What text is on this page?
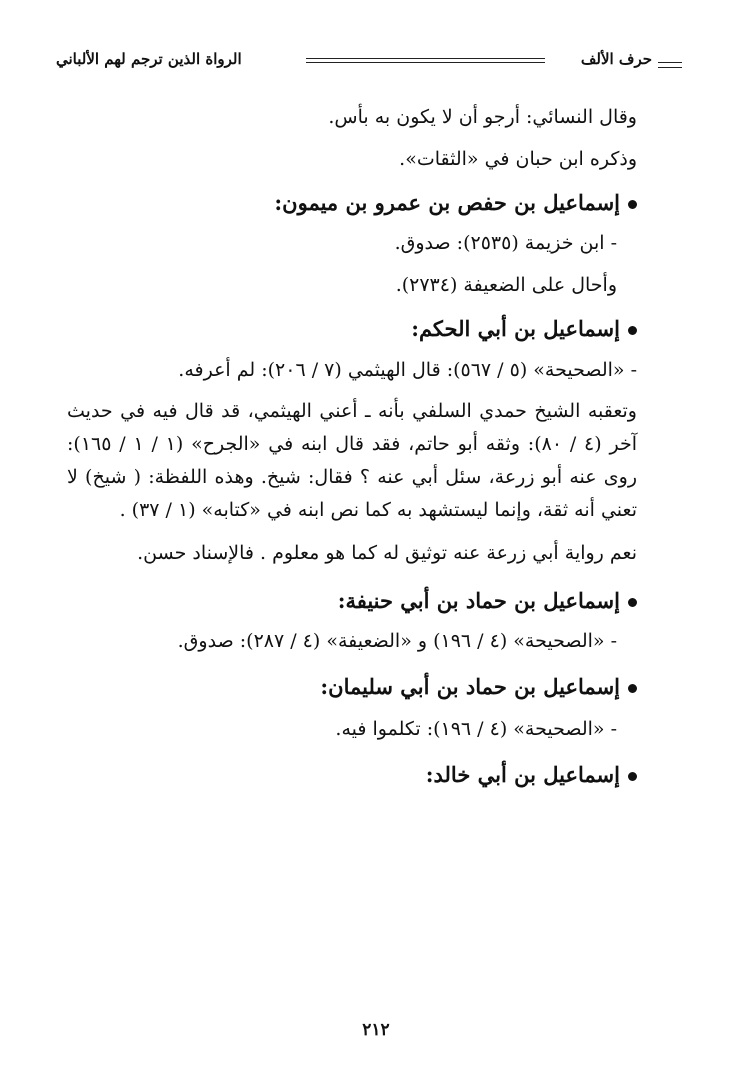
حرف الألف
الرواة الذين ترجم لهم الألباني

وقال النسائي: أرجو أن لا يكون به بأس.

وذكره ابن حبان في «الثقات».

إسماعيل بن حفص بن عمرو بن ميمون:

- ابن خزيمة (٢٥٣٥): صدوق.

وأحال على الضعيفة (٢٧٣٤).

إسماعيل بن أبي الحكم:

- «الصحيحة» (٥ / ٥٦٧): قال الهيثمي (٧ / ٢٠٦): لم أعرفه.

وتعقبه الشيخ حمدي السلفي بأنه ـ أعني الهيثمي، قد قال فيه في حديث آخر (٤ / ٨٠): وثقه أبو حاتم، فقد قال ابنه في «الجرح» (١ / ١ / ١٦٥): روى عنه أبو زرعة، سئل أبي عنه ؟ فقال: شيخ. وهذه اللفظة: ( شيخ) لا تعني أنه ثقة، وإنما ليستشهد به كما نص ابنه في «كتابه» (١ / ٣٧) .

نعم رواية أبي زرعة عنه توثيق له كما هو معلوم . فالإسناد حسن.

إسماعيل بن حماد بن أبي حنيفة:

- «الصحيحة» (٤ / ١٩٦) و «الضعيفة» (٤ / ٢٨٧): صدوق.

إسماعيل بن حماد بن أبي سليمان:

- «الصحيحة» (٤ / ١٩٦): تكلموا فيه.

إسماعيل بن أبي خالد:

٢١٢
